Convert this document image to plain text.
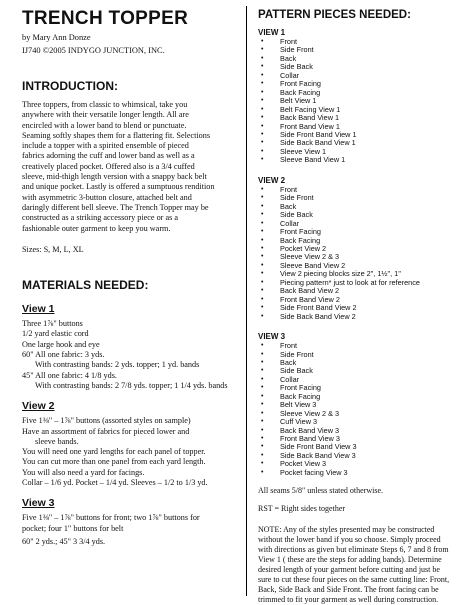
TRENCH TOPPER
by Mary Ann Donze
IJ740 ©2005 INDYGO JUNCTION, INC.
INTRODUCTION:
Three toppers, from classic to whimsical, take you
anywhere with their versatile longer length. All are
encircled with a lower band to blend or punctuate.
Seaming softly shapes them for a flattering fit. Selections
include a topper with a spirited ensemble of pieced
fabrics adorning the cuff and lower band as well as a
creatively placed pocket. Offered also is a 3/4 cuffed
sleeve, mid-thigh length version with a snappy back belt
and unique pocket. Lastly is offered a sumptuous rendition
with asymmetric 3-button closure, attached belt and
daringly different bell sleeve. The Trench Topper may be
constructed as a striking accessory piece or as a
fashionable outer garment to keep you warm.
Sizes: S, M, L, XL
MATERIALS NEEDED:
View 1
Three 1⅞" buttons
1/2 yard elastic cord
One large hook and eye
60" All one fabric: 3 yds.
With contrasting bands: 2 yds. topper; 1 yd. bands
45" All one fabric: 4 1/8 yds.
With contrasting bands: 2 7/8 yds. topper; 1 1/4 yds. bands
View 2
Five 1⅜" – 1⅞" buttons (assorted styles on sample)
Have an assortment of fabrics for pieced lower and
sleeve bands.
You will need one yard lengths for each panel of topper.
You can cut more than one panel from each yard length.
You will also need a yard for facings.
Collar – 1/6 yd. Pocket – 1/4 yd. Sleeves – 1/2 to 1/3 yd.
View 3
Five 1⅜" – 1⅞" buttons for front; two 1⅞" buttons for
pocket; four 1" buttons for belt
60" 2 yds.; 45" 3 3/4 yds.
PATTERN PIECES NEEDED:
VIEW 1
• Front
• Side Front
• Back
• Side Back
• Collar
• Front Facing
• Back Facing
• Belt View 1
• Belt Facing View 1
• Back Band View 1
• Front Band View 1
• Side Front Band View 1
• Side Back Band View 1
• Sleeve View 1
• Sleeve Band View 1
VIEW 2
• Front
• Side Front
• Back
• Side Back
• Collar
• Front Facing
• Back Facing
• Pocket View 2
• Sleeve View 2 & 3
• Sleeve Band View 2
• View 2 piecing blocks size 2", 1½", 1"
• Piecing pattern* just to look at for reference
• Back Band View 2
• Front Band View 2
• Side Front Band View 2
• Side Back Band View 2
VIEW 3
• Front
• Side Front
• Back
• Side Back
• Collar
• Front Facing
• Back Facing
• Belt View 3
• Sleeve View 2 & 3
• Cuff View 3
• Back Band View 3
• Front Band View 3
• Side Front Band View 3
• Side Back Band View 3
• Pocket View 3
• Pocket facing View 3
All seams 5/8" unless stated otherwise.
RST = Right sides together
NOTE: Any of the styles presented may be constructed
without the lower band if you so choose. Simply proceed
with directions as given but eliminate Steps 6, 7 and 8 from
View 1 ( these are the steps for adding bands). Determine
desired length of your garment before cutting and just be
sure to cut these four pieces on the same cutting line: Front,
Back, Side Back and Side Front. The front facing can be
trimmed to fit your garment as well during construction.
